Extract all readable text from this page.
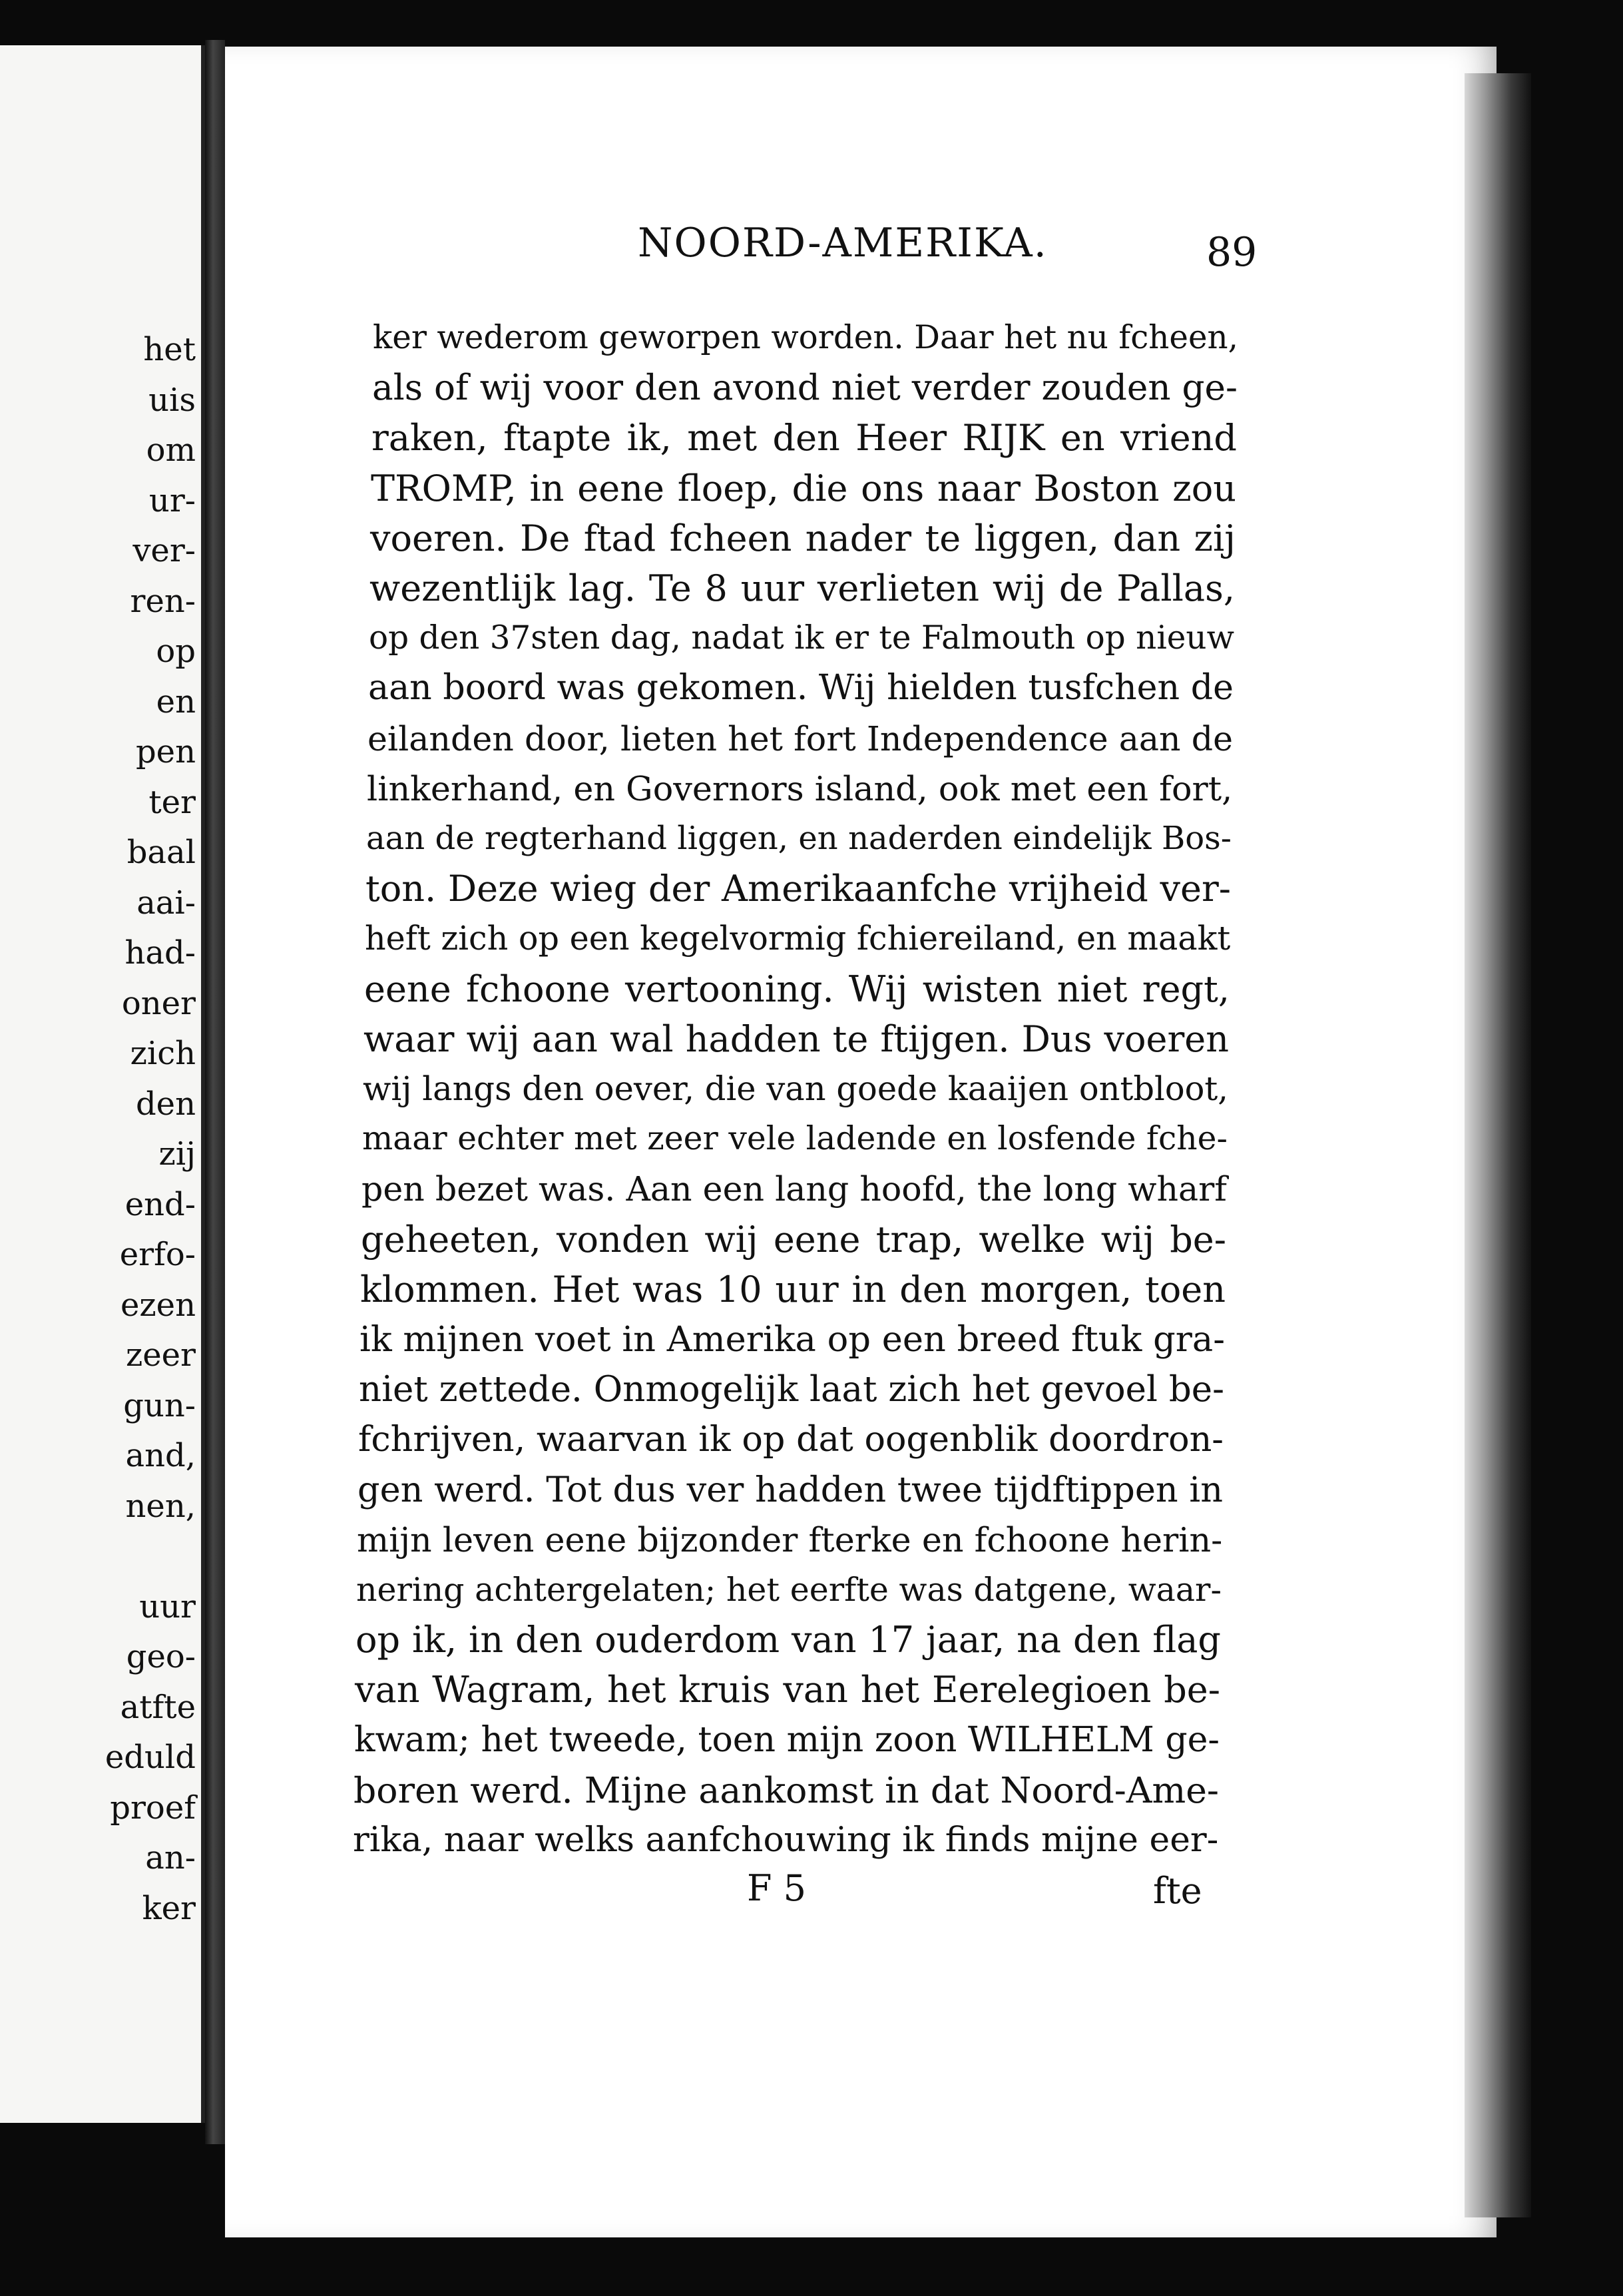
het
uis
om
ur-
ver-
ren-
op
en
pen
ter
baal
aai-
had-
oner
zich
den
zij
end-
erfo-
ezen
zeer
gun-
and,
nen,
uur
geo-
atfte
eduld
proef
an-
ker
NOORD-AMERIKA.	89
ker wederom geworpen worden. Daar het nu fcheen,
als of wij voor den avond niet verder zouden ge-
raken, ftapte ik, met den Heer RIJK en vriend
TROMP, in eene floep, die ons naar Boston zou
voeren. De ftad fcheen nader te liggen, dan zij
wezentlijk lag. Te 8 uur verlieten wij de Pallas,
op den 37sten dag, nadat ik er te Falmouth op nieuw
aan boord was gekomen. Wij hielden tusfchen de
eilanden door, lieten het fort Independence aan de
linkerhand, en Governors island, ook met een fort,
aan de regterhand liggen, en naderden eindelijk Bos-
ton. Deze wieg der Amerikaanfche vrijheid ver-
heft zich op een kegelvormig fchiereiland, en maakt
eene fchoone vertooning. Wij wisten niet regt,
waar wij aan wal hadden te ftijgen. Dus voeren
wij langs den oever, die van goede kaaijen ontbloot,
maar echter met zeer vele ladende en losfende fche-
pen bezet was. Aan een lang hoofd, the long wharf
geheeten, vonden wij eene trap, welke wij be-
klommen. Het was 10 uur in den morgen, toen
ik mijnen voet in Amerika op een breed ftuk gra-
niet zettede. Onmogelijk laat zich het gevoel be-
fchrijven, waarvan ik op dat oogenblik doordron-
gen werd. Tot dus ver hadden twee tijdftippen in
mijn leven eene bijzonder fterke en fchoone herin-
nering achtergelaten; het eerfte was datgene, waar-
op ik, in den ouderdom van 17 jaar, na den flag
van Wagram, het kruis van het Eerelegioen be-
kwam; het tweede, toen mijn zoon WILHELM ge-
boren werd. Mijne aankomst in dat Noord-Ame-
rika, naar welks aanfchouwing ik finds mijne eer-
F 5	fte
